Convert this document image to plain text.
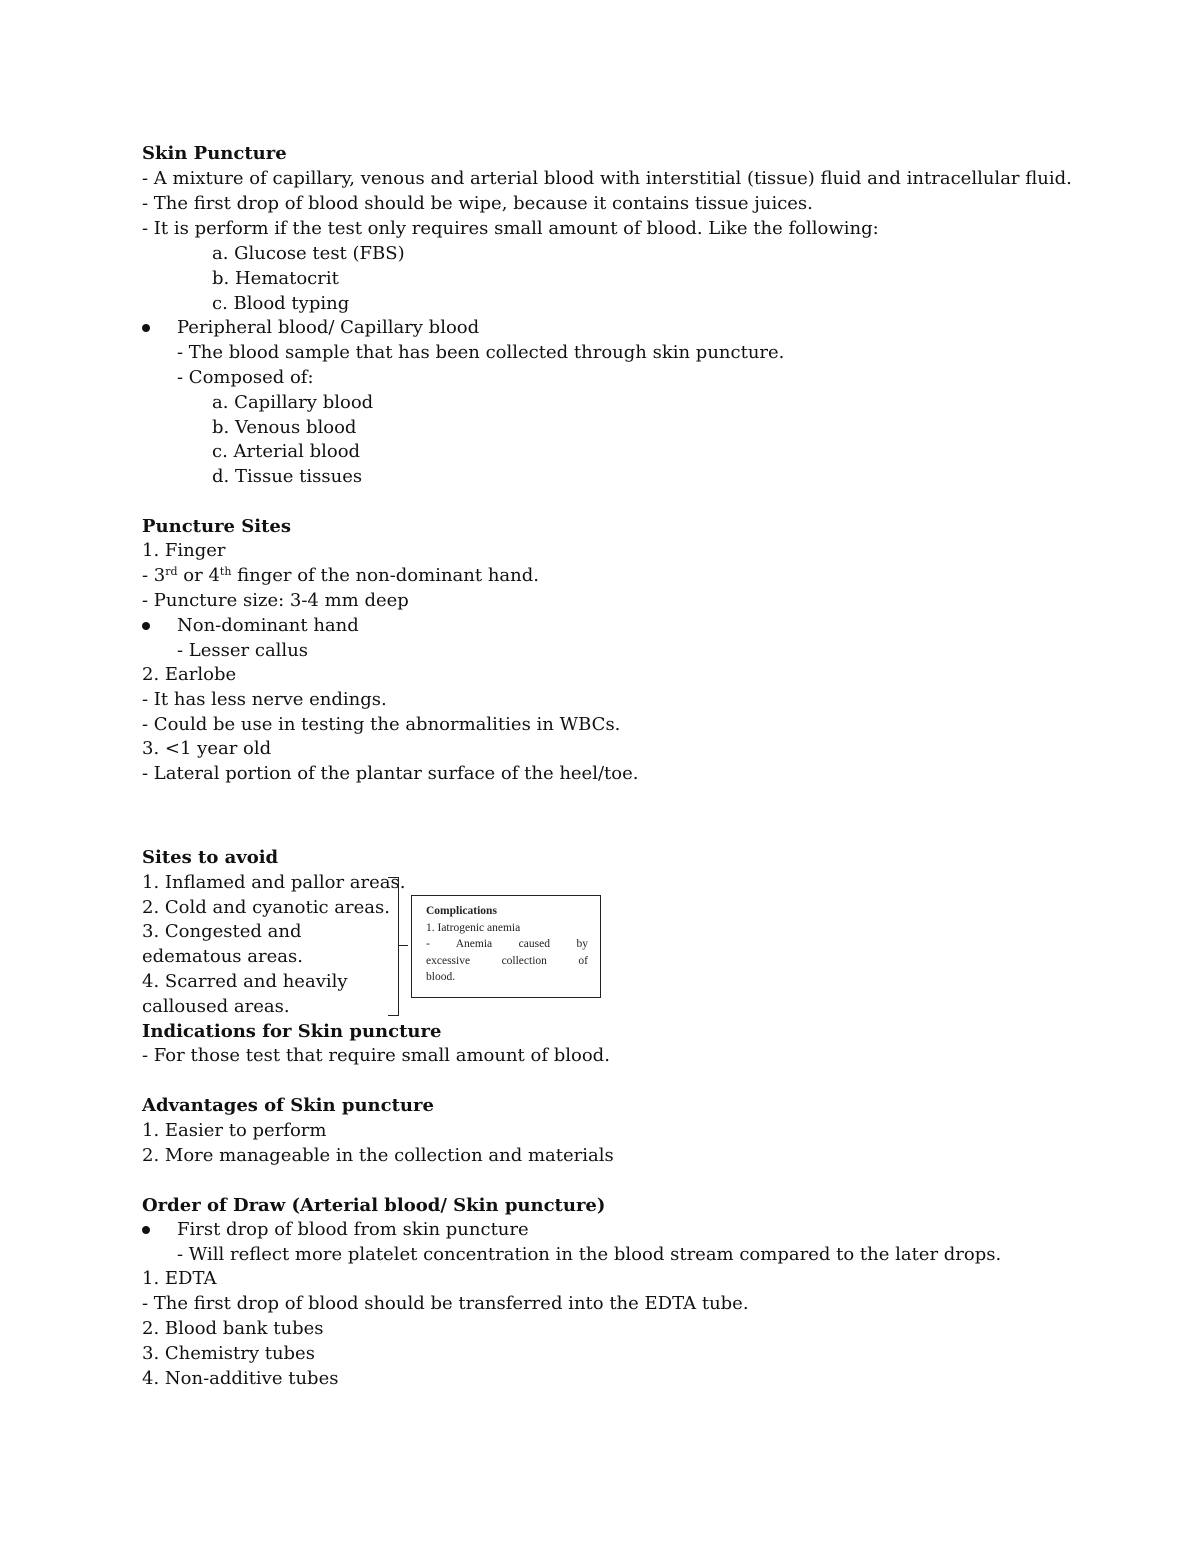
Skin Puncture
- A mixture of capillary, venous and arterial blood with interstitial (tissue) fluid and intracellular fluid.
- The first drop of blood should be wipe, because it contains tissue juices.
- It is perform if the test only requires small amount of blood. Like the following:
a. Glucose test (FBS)
b. Hematocrit
c. Blood typing
Peripheral blood/ Capillary blood
- The blood sample that has been collected through skin puncture.
- Composed of:
a. Capillary blood
b. Venous blood
c. Arterial blood
d. Tissue tissues
Puncture Sites
1. Finger
- 3rd or 4th finger of the non-dominant hand.
- Puncture size: 3-4 mm deep
Non-dominant hand
- Lesser callus
2. Earlobe
- It has less nerve endings.
- Could be use in testing the abnormalities in WBCs.
3. <1 year old
- Lateral portion of the plantar surface of the heel/toe.
Sites to avoid
1. Inflamed and pallor areas.
2. Cold and cyanotic areas.
3. Congested and
edematous areas.
4. Scarred and heavily
calloused areas.
Complications
1. Iatrogenic anemia
- Anemia caused by
excessive collection of
blood.
Indications for Skin puncture
- For those test that require small amount of blood.
Advantages of Skin puncture
1. Easier to perform
2. More manageable in the collection and materials
Order of Draw (Arterial blood/ Skin puncture)
First drop of blood from skin puncture
- Will reflect more platelet concentration in the blood stream compared to the later drops.
1. EDTA
- The first drop of blood should be transferred into the EDTA tube.
2. Blood bank tubes
3. Chemistry tubes
4. Non-additive tubes
